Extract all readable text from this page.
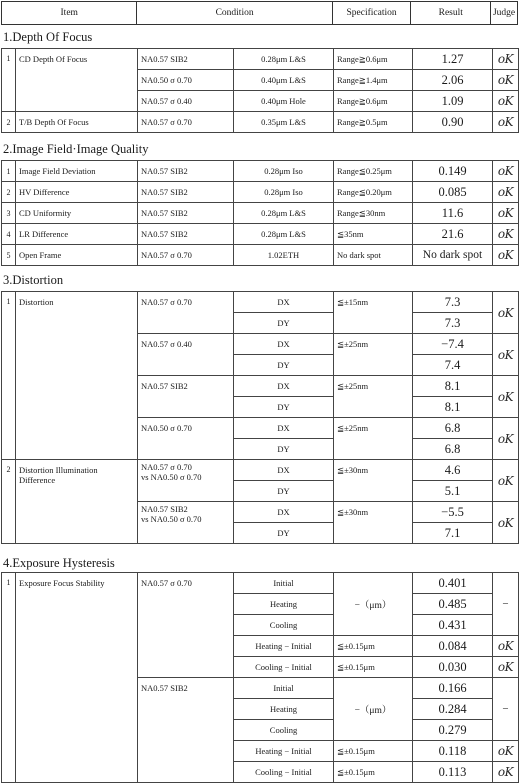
Item	Condition	Specification	Result	Judge
1.Depth Of Focus
1	CD Depth Of Focus	NA0.57 SIB2	0.28μm L&S	Range≧0.6μm	1.27	oK
		NA0.50 σ 0.70	0.40μm L&S	Range≧1.4μm	2.06	oK
		NA0.57 σ 0.40	0.40μm Hole	Range≧0.6μm	1.09	oK
2	T/B Depth Of Focus	NA0.57 σ 0.70	0.35μm L&S	Range≧0.5μm	0.90	oK
2.Image Field·Image Quality
1	Image Field Deviation	NA0.57 SIB2	0.28μm Iso	Range≦0.25μm	0.149	oK
2	HV Difference	NA0.57 SIB2	0.28μm Iso	Range≦0.20μm	0.085	oK
3	CD Uniformity	NA0.57 SIB2	0.28μm L&S	Range≦30nm	11.6	oK
4	LR Difference	NA0.57 SIB2	0.28μm L&S	≦35nm	21.6	oK
5	Open Frame	NA0.57 σ 0.70	1.02ETH	No dark spot	No dark spot	oK
3.Distortion
1	Distortion	NA0.57 σ 0.70	DX	≦±15nm	7.3	oK
			DY		7.3	
		NA0.57 σ 0.40	DX	≦±25nm	−7.4	oK
			DY		7.4	
		NA0.57 SIB2	DX	≦±25nm	8.1	oK
			DY		8.1	
		NA0.50 σ 0.70	DX	≦±25nm	6.8	oK
			DY		6.8	
2	Distortion Illumination Difference	NA0.57 σ 0.70
vs NA0.50 σ 0.70	DX	≦±30nm	4.6	oK
			DY		5.1	
		NA0.57 SIB2
vs NA0.50 σ 0.70	DX	≦±30nm	−5.5	oK
			DY		7.1	
4.Exposure Hysteresis
1	Exposure Focus Stability	NA0.57 σ 0.70	Initial	−（μm）	0.401	−
			Heating		0.485	
			Cooling		0.431	
			Heating − Initial	≦±0.15μm	0.084	oK
			Cooling − Initial	≦±0.15μm	0.030	oK
		NA0.57 SIB2	Initial	−（μm）	0.166	−
			Heating		0.284	
			Cooling		0.279	
			Heating − Initial	≦±0.15μm	0.118	oK
			Cooling − Initial	≦±0.15μm	0.113	oK
